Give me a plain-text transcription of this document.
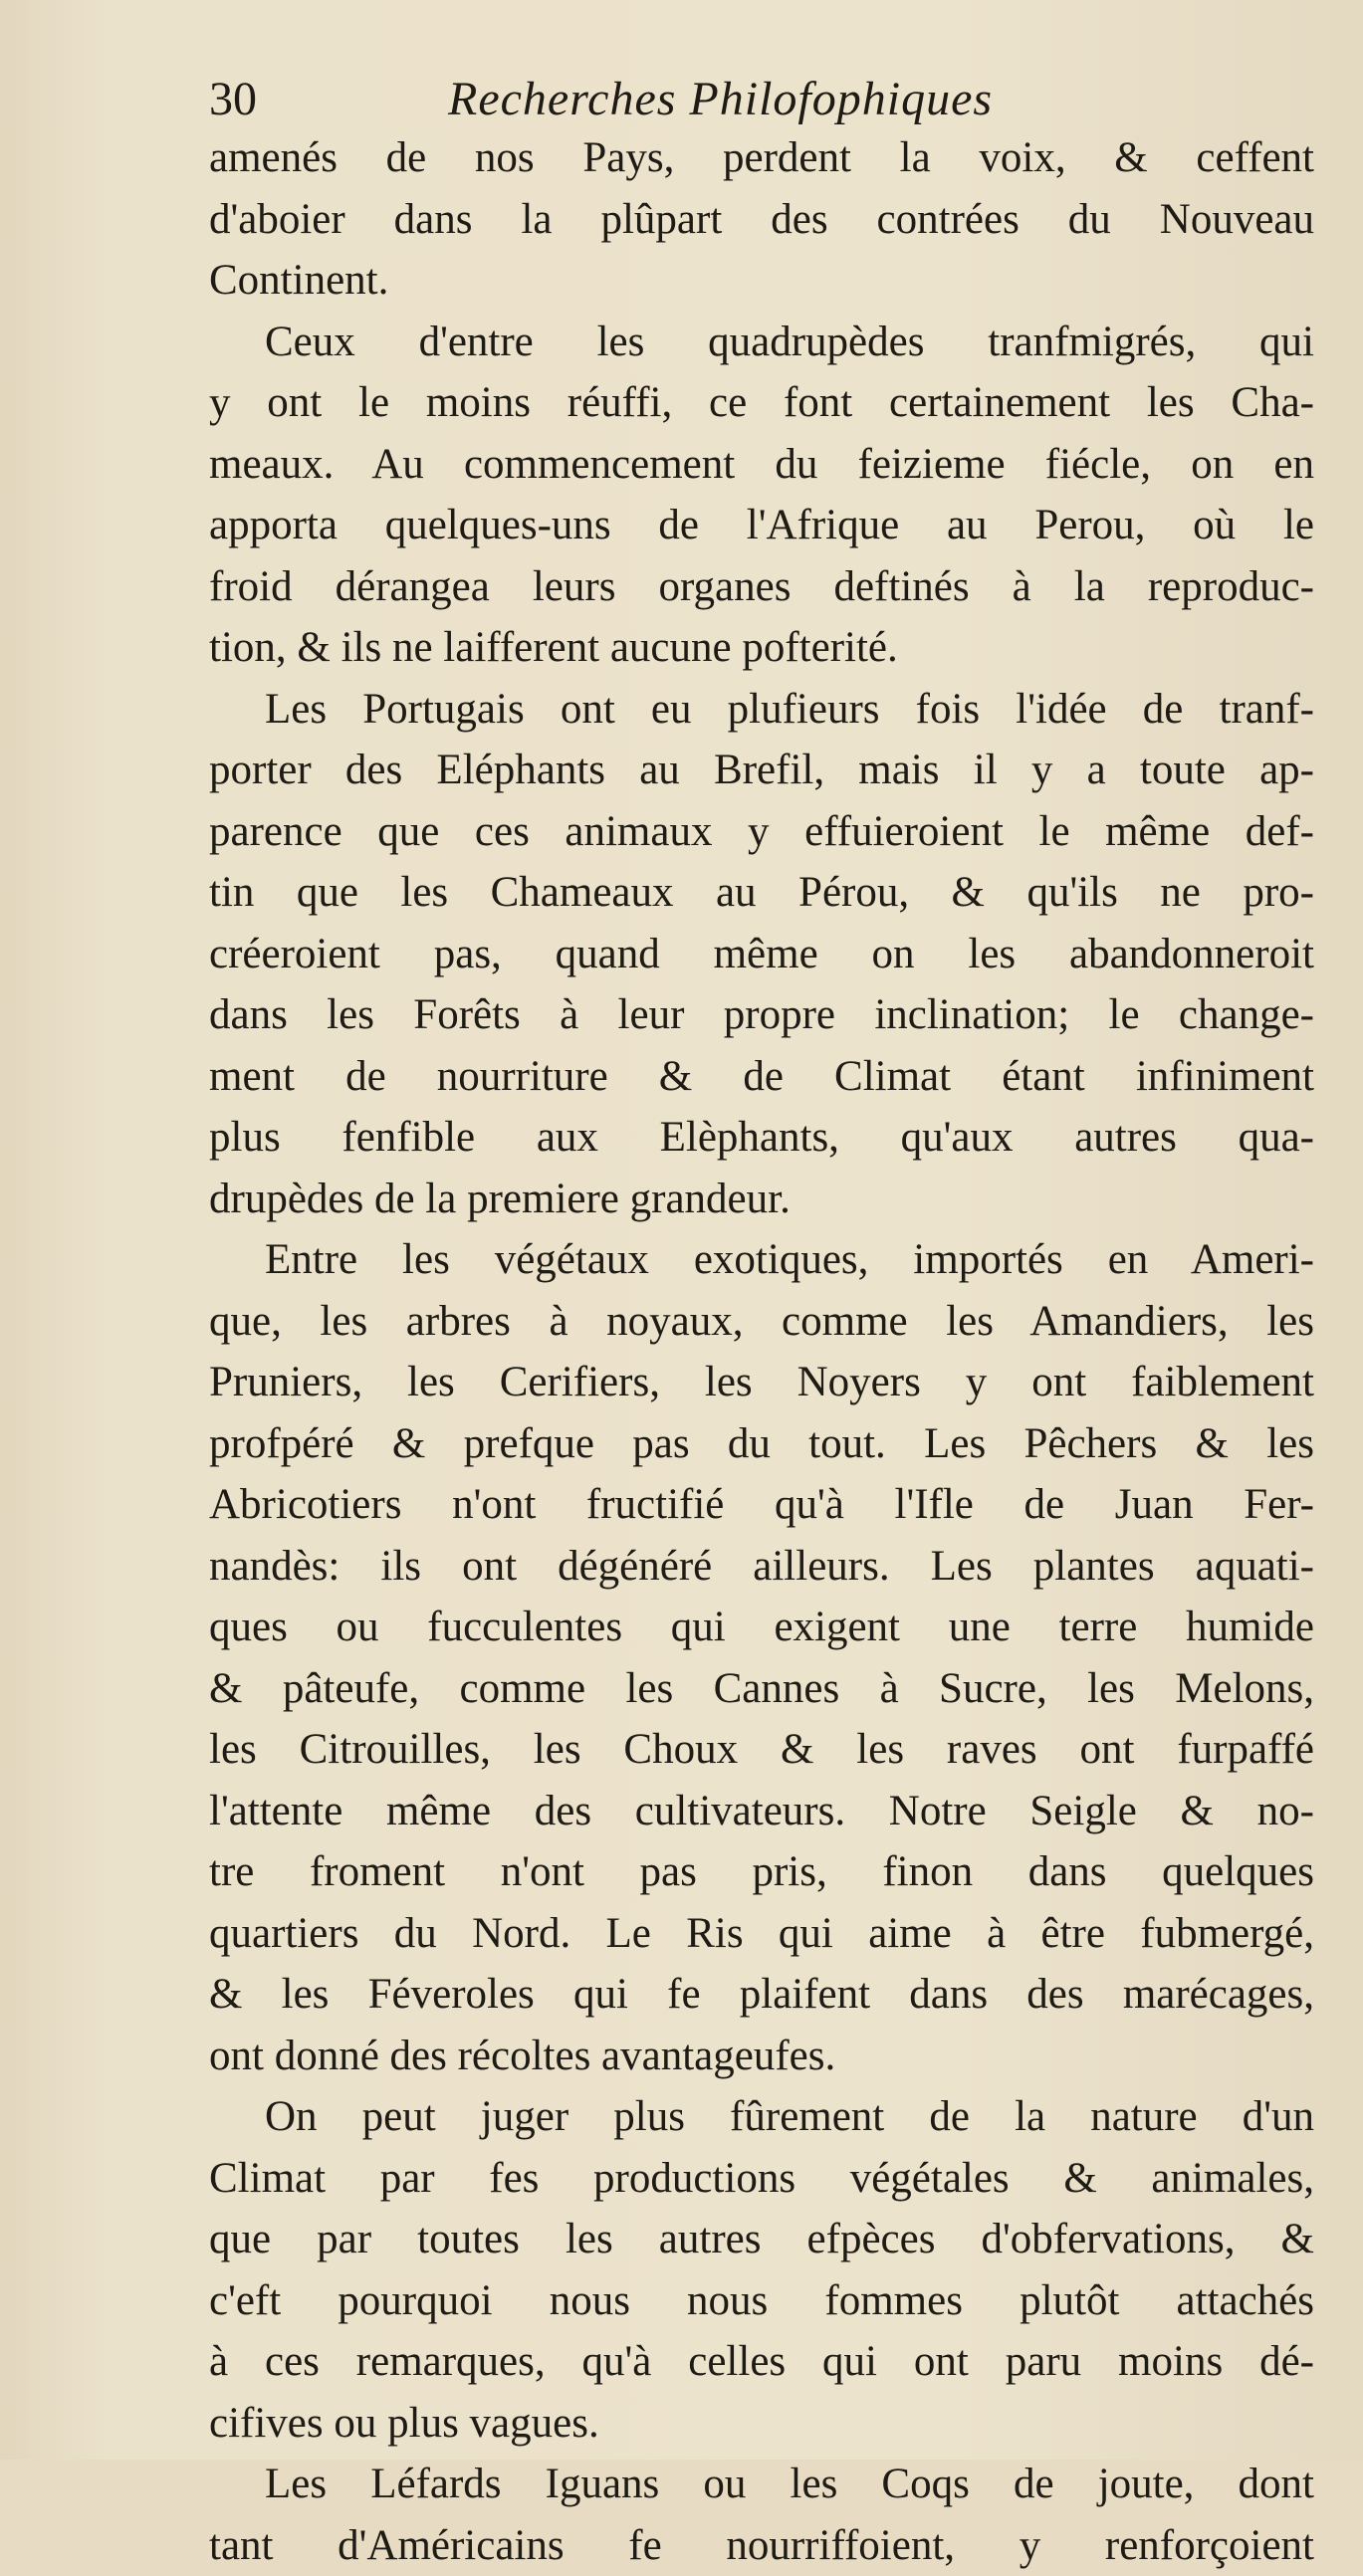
30	Recherches Philofophiques
amenés de nos Pays, perdent la voix, & ceffent
d'aboier dans la plûpart des contrées du Nouveau
Continent.
Ceux d'entre les quadrupèdes tranfmigrés, qui
y ont le moins réuffi, ce font certainement les Cha-
meaux. Au commencement du feizieme fiécle, on en
apporta quelques-uns de l'Afrique au Perou, où le
froid dérangea leurs organes deftinés à la reproduc-
tion, & ils ne laifferent aucune pofterité.
Les Portugais ont eu plufieurs fois l'idée de tranf-
porter des Eléphants au Brefil, mais il y a toute ap-
parence que ces animaux y effuieroient le même def-
tin que les Chameaux au Pérou, & qu'ils ne pro-
créeroient pas, quand même on les abandonneroit
dans les Forêts à leur propre inclination; le change-
ment de nourriture & de Climat étant infiniment
plus fenfible aux Elèphants, qu'aux autres qua-
drupèdes de la premiere grandeur.
Entre les végétaux exotiques, importés en Ameri-
que, les arbres à noyaux, comme les Amandiers, les
Pruniers, les Cerifiers, les Noyers y ont faiblement
profpéré & prefque pas du tout. Les Pêchers & les
Abricotiers n'ont fructifié qu'à l'Ifle de Juan Fer-
nandès: ils ont dégénéré ailleurs. Les plantes aquati-
ques ou fucculentes qui exigent une terre humide
& pâteufe, comme les Cannes à Sucre, les Melons,
les Citrouilles, les Choux & les raves ont furpaffé
l'attente même des cultivateurs. Notre Seigle & no-
tre froment n'ont pas pris, finon dans quelques
quartiers du Nord. Le Ris qui aime à être fubmergé,
& les Féveroles qui fe plaifent dans des marécages,
ont donné des récoltes avantageufes.
On peut juger plus fûrement de la nature d'un
Climat par fes productions végétales & animales,
que par toutes les autres efpèces d'obfervations, &
c'eft pourquoi nous nous fommes plutôt attachés
à ces remarques, qu'à celles qui ont paru moins dé-
cifives ou plus vagues.
Les Léfards Iguans ou les Coqs de joute, dont
tant d'Américains fe nourriffoient, y renforçoient
